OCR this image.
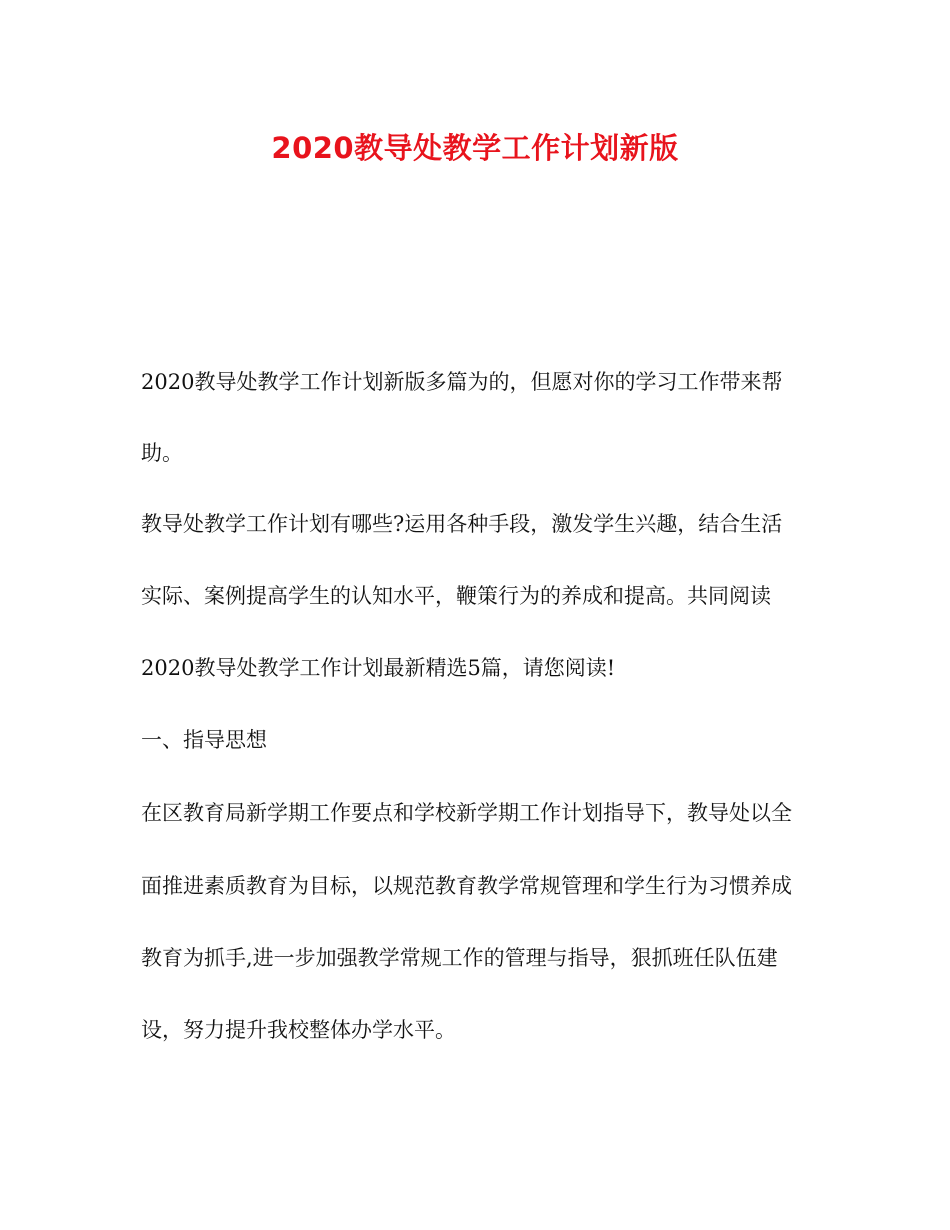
2020教导处教学工作计划新版
2020教导处教学工作计划新版多篇为的，但愿对你的学习工作带来帮
助。
教导处教学工作计划有哪些?运用各种手段，激发学生兴趣，结合生活
实际、案例提高学生的认知水平，鞭策行为的养成和提高。共同阅读
2020教导处教学工作计划最新精选5篇，请您阅读!
一、指导思想
在区教育局新学期工作要点和学校新学期工作计划指导下，教导处以全
面推进素质教育为目标，以规范教育教学常规管理和学生行为习惯养成
教育为抓手,进一步加强教学常规工作的管理与指导，狠抓班任队伍建
设，努力提升我校整体办学水平。
